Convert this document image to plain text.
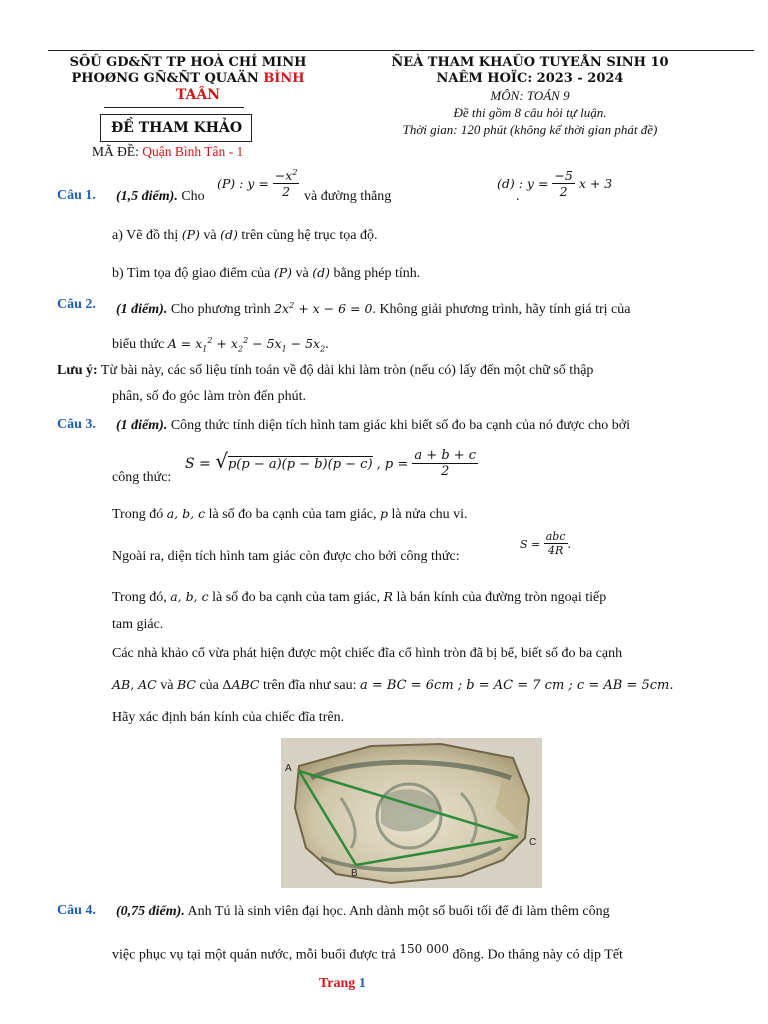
SÔÛ GD&ÑT TP HOÀ CHÍ MINH
PHOØNG GÑ&ÑT QUAÄN BÌNH
TAÂN
ĐỀ THAM KHẢO
MÃ ĐỀ: Quận Bình Tân - 1
ÑEÀ THAM KHAÛO TUYEÅN SINH 10
NAÊM HOÏC: 2023 - 2024
MÔN: TOÁN 9
Đề thi gồm 8 câu hỏi tự luận.
Thời gian: 120 phút (không kể thời gian phát đề)
Câu 1. (1,5 điểm). Cho
(P) : $y = \frac{-x^2}{2}$ và đường thẳng
(d) : $y = \frac{-5}{2}$ x + 3
.
a) Vẽ đồ thị (P) và (d) trên cùng hệ trục tọa độ.
b) Tìm tọa độ giao điểm của (P) và (d) bằng phép tính.
Câu 2. (1 điểm). Cho phương trình $2x^2 + x - 6 = 0$. Không giải phương trình, hãy tính giá trị của
biểu thức $A = x_1^2 + x_2^2 - 5x_1 - 5x_2$.
Lưu ý: Từ bài này, các số liệu tính toán về độ dài khi làm tròn (nếu có) lấy đến một chữ số thập
phân, số đo góc làm tròn đến phút.
Câu 3. (1 điểm). Công thức tính diện tích hình tam giác khi biết số đo ba cạnh của nó được cho bởi
công thức:
S = √p(p − a)(p − b)(p − c) , $p = \frac{a + b + c}{2}$
Trong đó a, b, c là số đo ba cạnh của tam giác, p là nửa chu vi.
Ngoài ra, diện tích hình tam giác còn được cho bởi công thức:
$S = \frac{\text{abc}}{4R}$ .
Trong đó, a, b, c là số đo ba cạnh của tam giác, R là bán kính của đường tròn ngoại tiếp
tam giác.
Các nhà khảo cổ vừa phát hiện được một chiếc đĩa cổ hình tròn đã bị bể, biết số đo ba cạnh
AB, AC và BC của ΔABC trên đĩa như sau: a = BC = 6cm ; b = AC = 7 cm ; c = AB = 5cm.
Hãy xác định bán kính của chiếc đĩa trên.
A
B
C
Câu 4. (0,75 điểm). Anh Tú là sinh viên đại học. Anh dành một số buổi tối để đi làm thêm công
việc phục vụ tại một quán nước, mỗi buổi được trả $^{150 000}$ đồng. Do tháng này có dịp Tết
Trang 1
